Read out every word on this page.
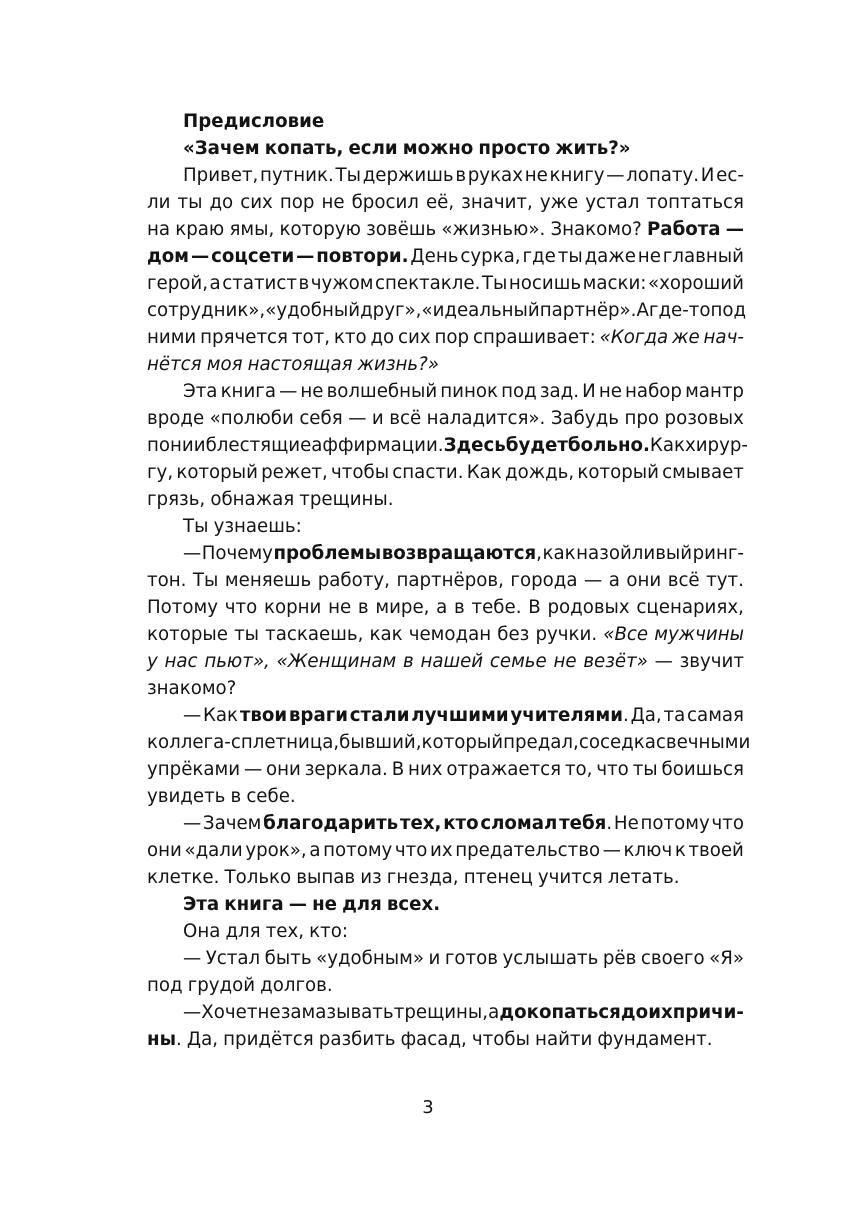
Предисловие
«Зачем копать, если можно просто жить?»
Привет, путник. Ты держишь в руках не книгу — лопату. И ес-
ли ты до сих пор не бросил её, значит, уже устал топтаться
на краю ямы, которую зовёшь «жизнью». Знакомо? Работа —
дом — соцсети — повтори. День сурка, где ты даже не главный
герой, а статист в чужом спектакле. Ты носишь маски: «хороший
сотрудник», «удобный друг», «идеальный партнёр». А где-то под
ними прячется тот, кто до сих пор спрашивает: «Когда же нач-
нётся моя настоящая жизнь?»
Эта книга — не волшебный пинок под зад. И не набор мантр
вроде «полюби себя — и всё наладится». Забудь про розовых
пони и блестящие аффирмации. Здесь будет больно. Как хирур-
гу, который режет, чтобы спасти. Как дождь, который смывает
грязь, обнажая трещины.
Ты узнаешь:
— Почему проблемы возвращаются, как назойливый ринг-
тон. Ты меняешь работу, партнёров, города — а они всё тут.
Потому что корни не в мире, а в тебе. В родовых сценариях,
которые ты таскаешь, как чемодан без ручки. «Все мужчины
у нас пьют», «Женщинам в нашей семье не везёт» — звучит
знакомо?
— Как твои враги стали лучшими учителями. Да, та самая
коллега-сплетница, бывший, который предал, соседка с вечными
упрёками — они зеркала. В них отражается то, что ты боишься
увидеть в себе.
— Зачем благодарить тех, кто сломал тебя. Не потому что
они «дали урок», а потому что их предательство — ключ к твоей
клетке. Только выпав из гнезда, птенец учится летать.
Эта книга — не для всех.
Она для тех, кто:
— Устал быть «удобным» и готов услышать рёв своего «Я»
под грудой долгов.
— Хочет не замазывать трещины, а докопаться до их причи-
ны. Да, придётся разбить фасад, чтобы найти фундамент.
3
